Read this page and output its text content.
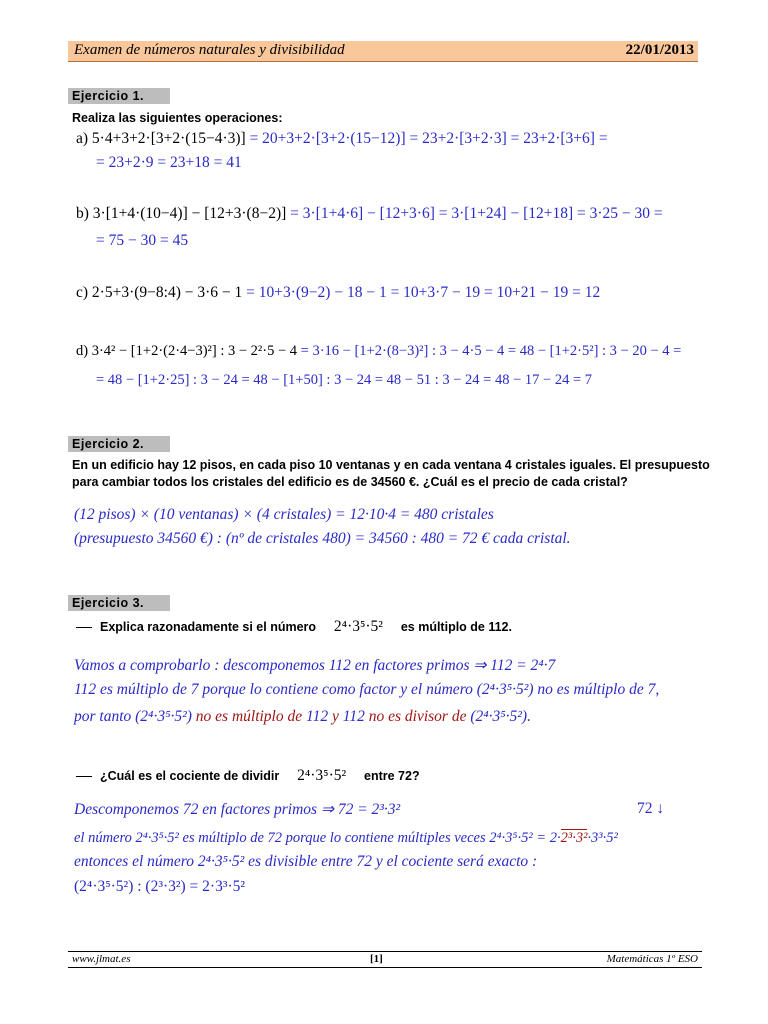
Examen de números naturales y divisibilidad	22/01/2013
Ejercicio 1.
Realiza las siguientes operaciones:
a) 5·4+3+2·[3+2·(15−4·3)] = 20+3+2·[3+2·(15−12)] = 23+2·[3+2·3] = 23+2·[3+6] =
= 23+2·9 = 23+18 = 41
b) 3·[1+4·(10−4)] − [12+3·(8−2)] = 3·[1+4·6] − [12+3·6] = 3·[1+24] − [12+18] = 3·25 − 30 =
= 75 − 30 = 45
c) 2·5+3·(9−8:4) − 3·6 − 1 = 10+3·(9−2) − 18 − 1 = 10+3·7 − 19 = 10+21 − 19 = 12
d) 3·4² − [1+2·(2·4−3)²] : 3 − 2²·5 − 4 = 3·16 − [1+2·(8−3)²] : 3 − 4·5 − 4 = 48 − [1+2·5²] : 3 − 20 − 4 =
= 48 − [1+2·25] : 3 − 24 = 48 − [1+50] : 3 − 24 = 48 − 51 : 3 − 24 = 48 − 17 − 24 = 7
Ejercicio 2.
En un edificio hay 12 pisos, en cada piso 10 ventanas y en cada ventana 4 cristales iguales. El presupuesto
para cambiar todos los cristales del edificio es de 34560 €. ¿Cuál es el precio de cada cristal?
(12 pisos) × (10 ventanas) × (4 cristales) = 12·10·4 = 480 cristales
(presupuesto 34560 €) : (nº de cristales 480) = 34560 : 480 = 72 € cada cristal.
Ejercicio 3.
Explica razonadamente si el número 2⁴·3⁵·5² es múltiplo de 112.
Vamos a comprobarlo : descomponemos 112 en factores primos ⇒ 112 = 2⁴·7
112 es múltiplo de 7 porque lo contiene como factor y el número (2⁴·3⁵·5²) no es múltiplo de 7,
por tanto (2⁴·3⁵·5²) no es múltiplo de 112 y 112 no es divisor de (2⁴·3⁵·5²).
¿Cuál es el cociente de dividir 2⁴·3⁵·5² entre 72?
Descomponemos 72 en factores primos ⇒ 72 = 2³·3²	72 ↓
el número 2⁴·3⁵·5² es múltiplo de 72 porque lo contiene múltiples veces 2⁴·3⁵·5² = 2·2³·3²·3³·5²
entonces el número 2⁴·3⁵·5² es divisible entre 72 y el cociente será exacto :
(2⁴·3⁵·5²) : (2³·3²) = 2·3³·5²
www.jlmat.es	[1]	Matemáticas 1º ESO
